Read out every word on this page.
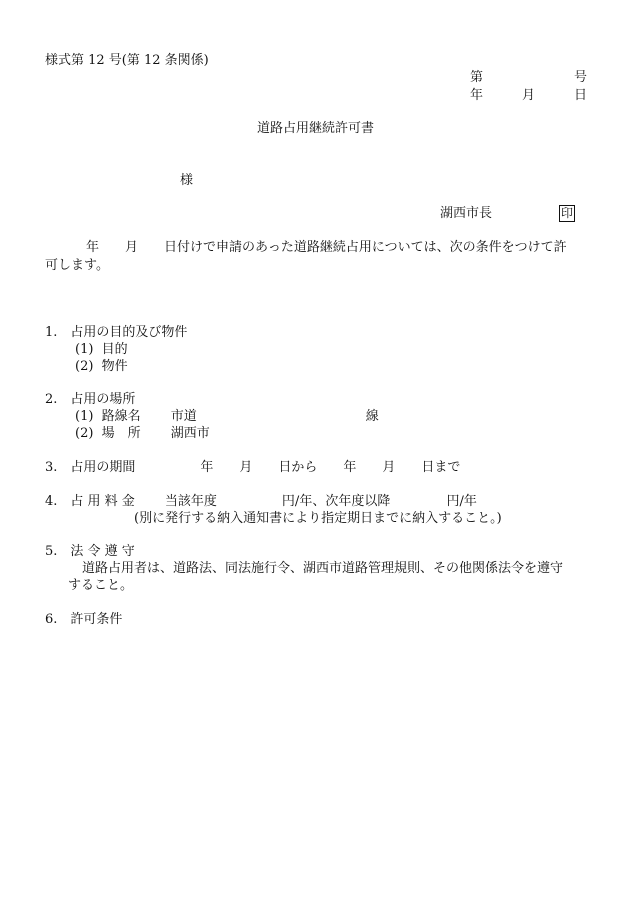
様式第 12 号(第 12 条関係)
第　　　　　　　号
年　　　月　　　日
道路占用継続許可書
様
湖西市長	印
年　　月　　日付けで申請のあった道路継続占用については、次の条件をつけて許
可します。
1.　占用の目的及び物件
(1)  目的
(2)  物件
2.　占用の場所
(1)  路線名　　 市道　　　　　　　　　　　　　線
(2)  場　所　　 湖西市
3.　占用の期間　　　　　年　　月　　日から　　年　　月　　日まで
4.　占 用 料 金　　 当該年度　　　　　円/年、次年度以降　　　　 円/年
(別に発行する納入通知書により指定期日までに納入すること。)
5.　法 令 遵 守
道路占用者は、道路法、同法施行令、湖西市道路管理規則、その他関係法令を遵守
すること。
6.　許可条件
